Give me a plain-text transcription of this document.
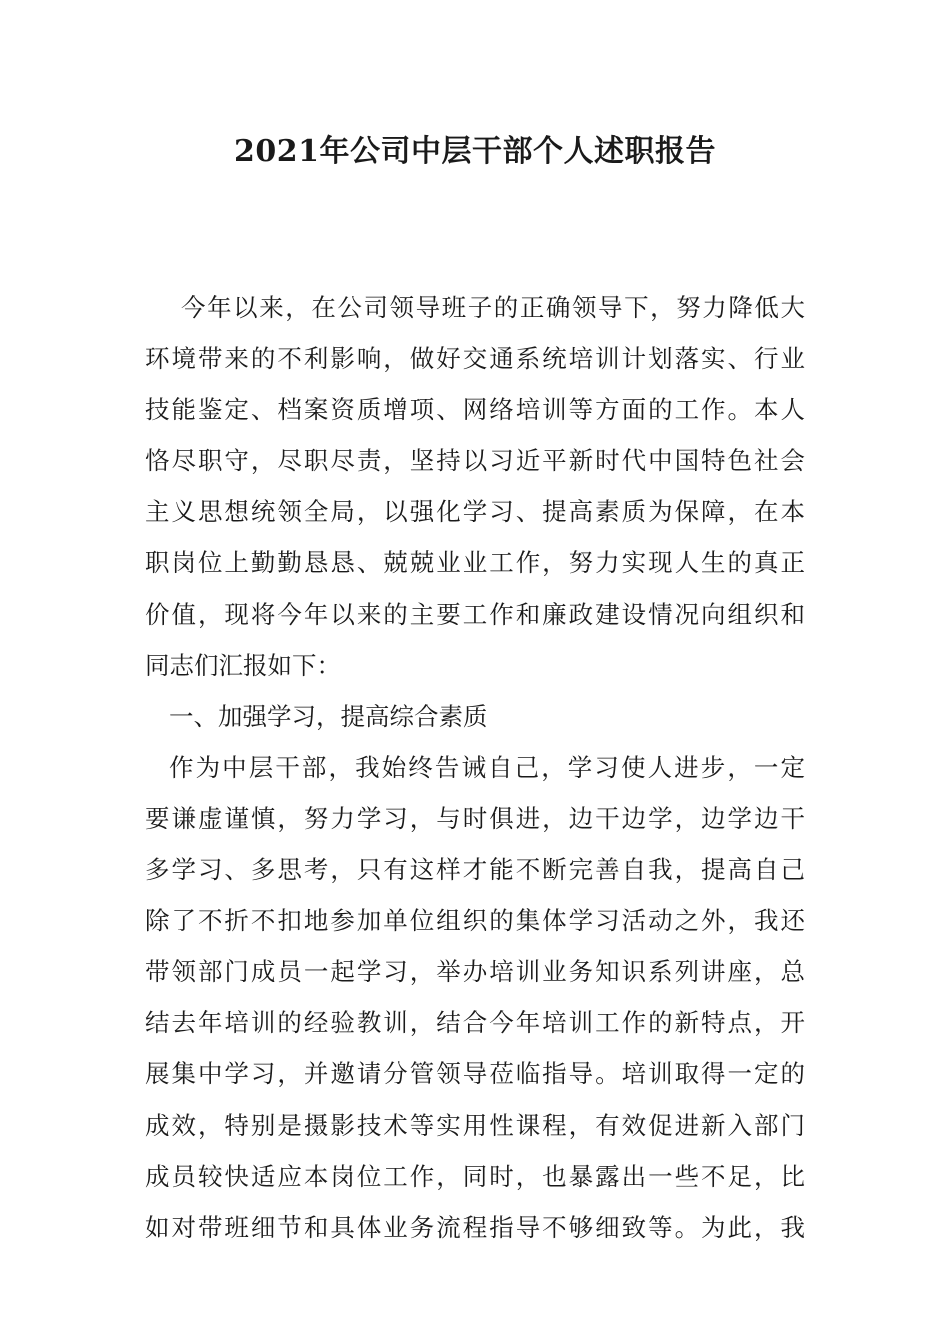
2021年公司中层干部个人述职报告
今年以来，在公司领导班子的正确领导下，努力降低大
环境带来的不利影响，做好交通系统培训计划落实、行业
技能鉴定、档案资质增项、网络培训等方面的工作。本人
恪尽职守，尽职尽责，坚持以习近平新时代中国特色社会
主义思想统领全局，以强化学习、提高素质为保障，在本
职岗位上勤勤恳恳、兢兢业业工作，努力实现人生的真正
价值，现将今年以来的主要工作和廉政建设情况向组织和
同志们汇报如下：
一、加强学习，提高综合素质
作为中层干部，我始终告诫自己，学习使人进步，一定
要谦虚谨慎，努力学习，与时俱进，边干边学，边学边干
多学习、多思考，只有这样才能不断完善自我，提高自己
除了不折不扣地参加单位组织的集体学习活动之外，我还
带领部门成员一起学习，举办培训业务知识系列讲座，总
结去年培训的经验教训，结合今年培训工作的新特点，开
展集中学习，并邀请分管领导莅临指导。培训取得一定的
成效，特别是摄影技术等实用性课程，有效促进新入部门
成员较快适应本岗位工作，同时，也暴露出一些不足，比
如对带班细节和具体业务流程指导不够细致等。为此，我
